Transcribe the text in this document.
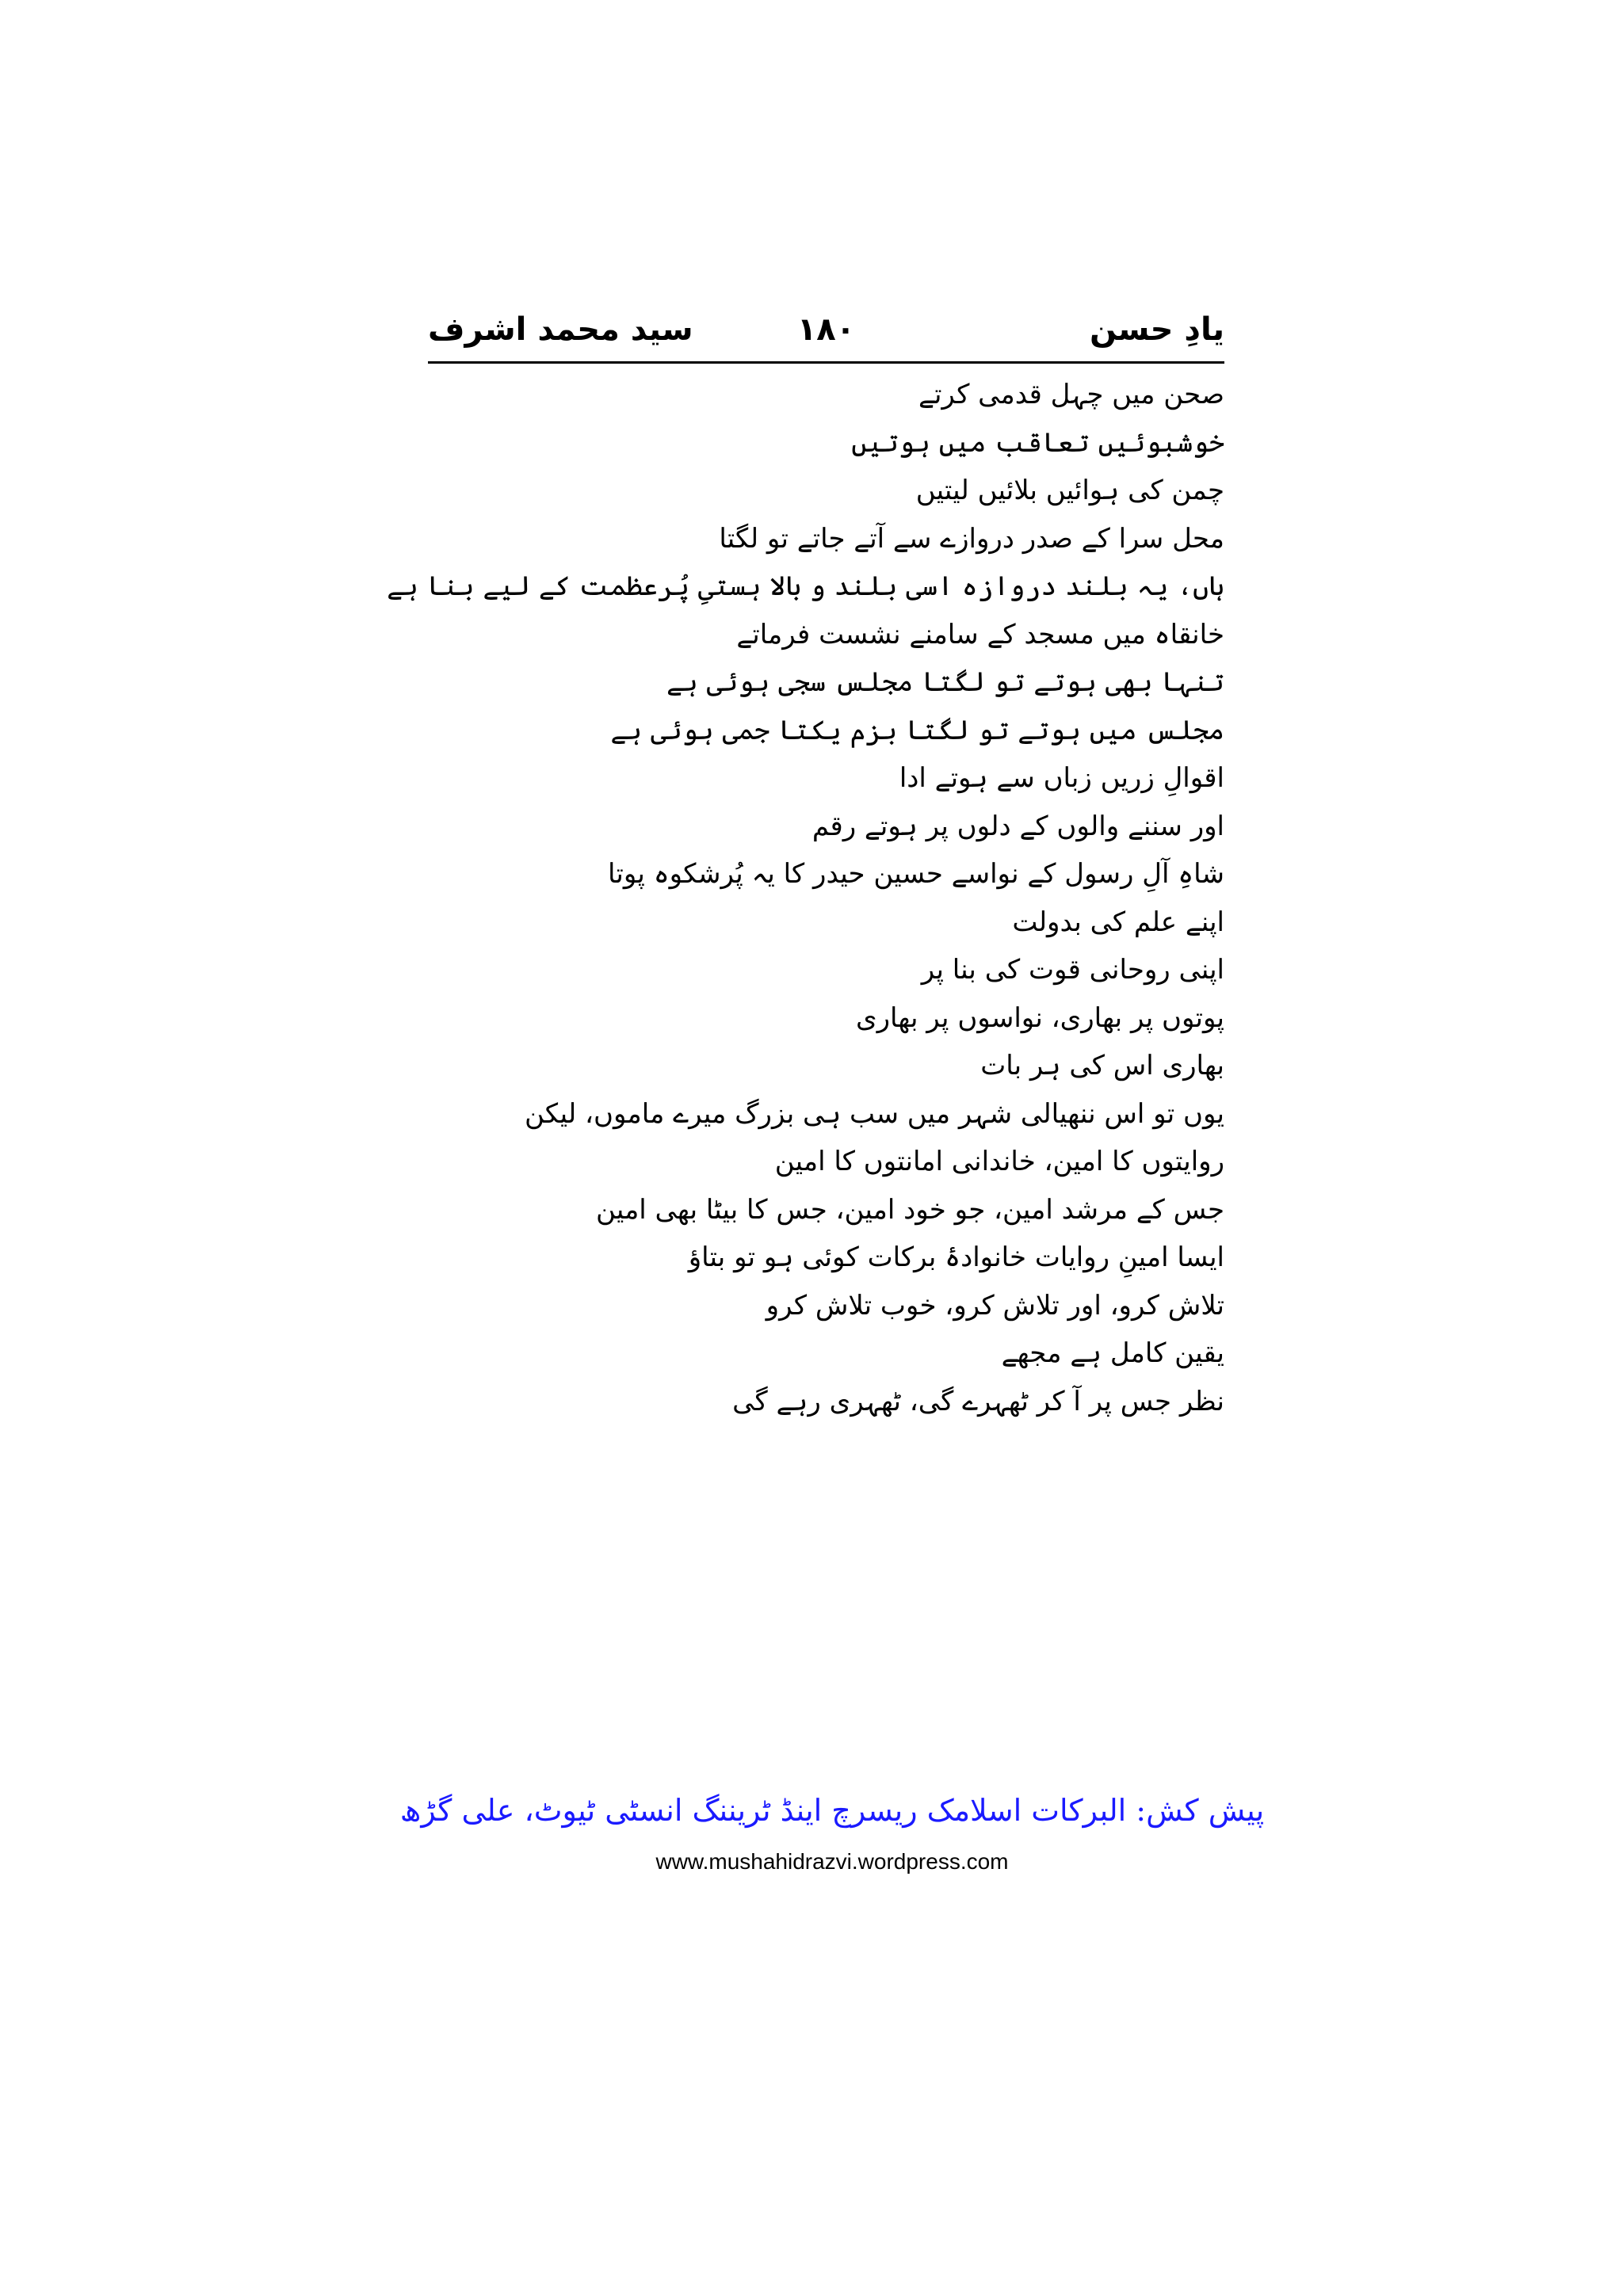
یادِ حسن
۱۸۰
سید محمد اشرف
صحن میں چہل قدمی کرتے
خوشبوئیں تعاقب میں ہوتیں
چمن کی ہوائیں بلائیں لیتیں
محل سرا کے صدر دروازے سے آتے جاتے تو لگتا
ہاں، یہ بلند دروازہ اسی بلند و بالا ہستیِ پُرعظمت کے لیے بنا ہے
خانقاہ میں مسجد کے سامنے نشست فرماتے
تنہا بھی ہوتے تو لگتا مجلس سجی ہوئی ہے
مجلس میں ہوتے تو لگتا بزم یکتا جمی ہوئی ہے
اقوالِ زریں زباں سے ہوتے ادا
اور سننے والوں کے دلوں پر ہوتے رقم
شاہِ آلِ رسول کے نواسے حسین حیدر کا یہ پُرشکوہ پوتا
اپنے علم کی بدولت
اپنی روحانی قوت کی بنا پر
پوتوں پر بھاری، نواسوں پر بھاری
بھاری اس کی ہر بات
یوں تو اس ننھیالی شہر میں سب ہی بزرگ میرے ماموں، لیکن
روایتوں کا امین، خاندانی امانتوں کا امین
جس کے مرشد امین، جو خود امین، جس کا بیٹا بھی امین
ایسا امینِ روایات خانوادۂ برکات کوئی ہو تو بتاؤ
تلاش کرو، اور تلاش کرو، خوب تلاش کرو
یقین کامل ہے مجھے
نظر جس پر آ کر ٹھہرے گی، ٹھہری رہے گی
پیش کش: البرکات اسلامک ریسرچ اینڈ ٹریننگ انسٹی ٹیوٹ، علی گڑھ
www.mushahidrazvi.wordpress.com
